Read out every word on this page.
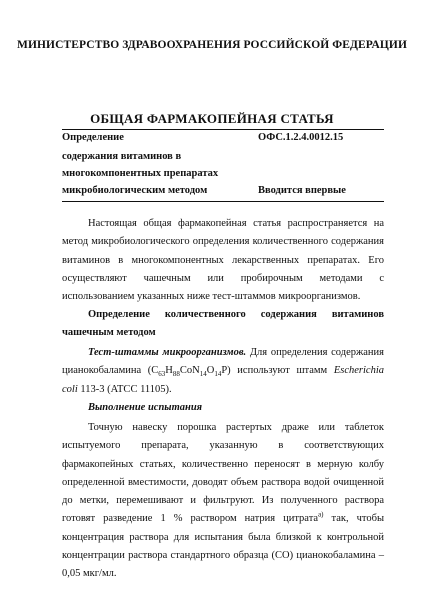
МИНИСТЕРСТВО ЗДРАВООХРАНЕНИЯ РОССИЙСКОЙ ФЕДЕРАЦИИ
ОБЩАЯ ФАРМАКОПЕЙНАЯ СТАТЬЯ
Определение
содержания витаминов в
многокомпонентных препаратах
микробиологическим методом
ОФС.1.2.4.0012.15
Вводится впервые

Настоящая общая фармакопейная статья распространяется на метод микробиологического определения количественного содержания витаминов в многокомпонентных лекарственных препаратах. Его осуществляют чашечным или пробирочным методами с использованием указанных ниже тест-штаммов микроорганизмов.

Определение количественного содержания витаминов чашечным методом

Тест-штаммы микроорганизмов. Для определения содержания цианокобаламина $(C_{63}H_{88}CoN_{14}O_{14}P)$ используют штамм Escherichia coli 113-3 (ATCC 11105).

Выполнение испытания

Точную навеску порошка растертых драже или таблеток испытуемого препарата, указанную в соответствующих фармакопейных статьях, количественно переносят в мерную колбу определенной вместимости, доводят объем раствора водой очищенной до метки, перемешивают и фильтруют. Из полученного раствора готовят разведение 1 % раствором натрия цитрата$^{а)}$ так, чтобы концентрация раствора для испытания была близкой к контрольной концентрации раствора стандартного образца (СО) цианокобаламина – 0,05 мкг/мл.
